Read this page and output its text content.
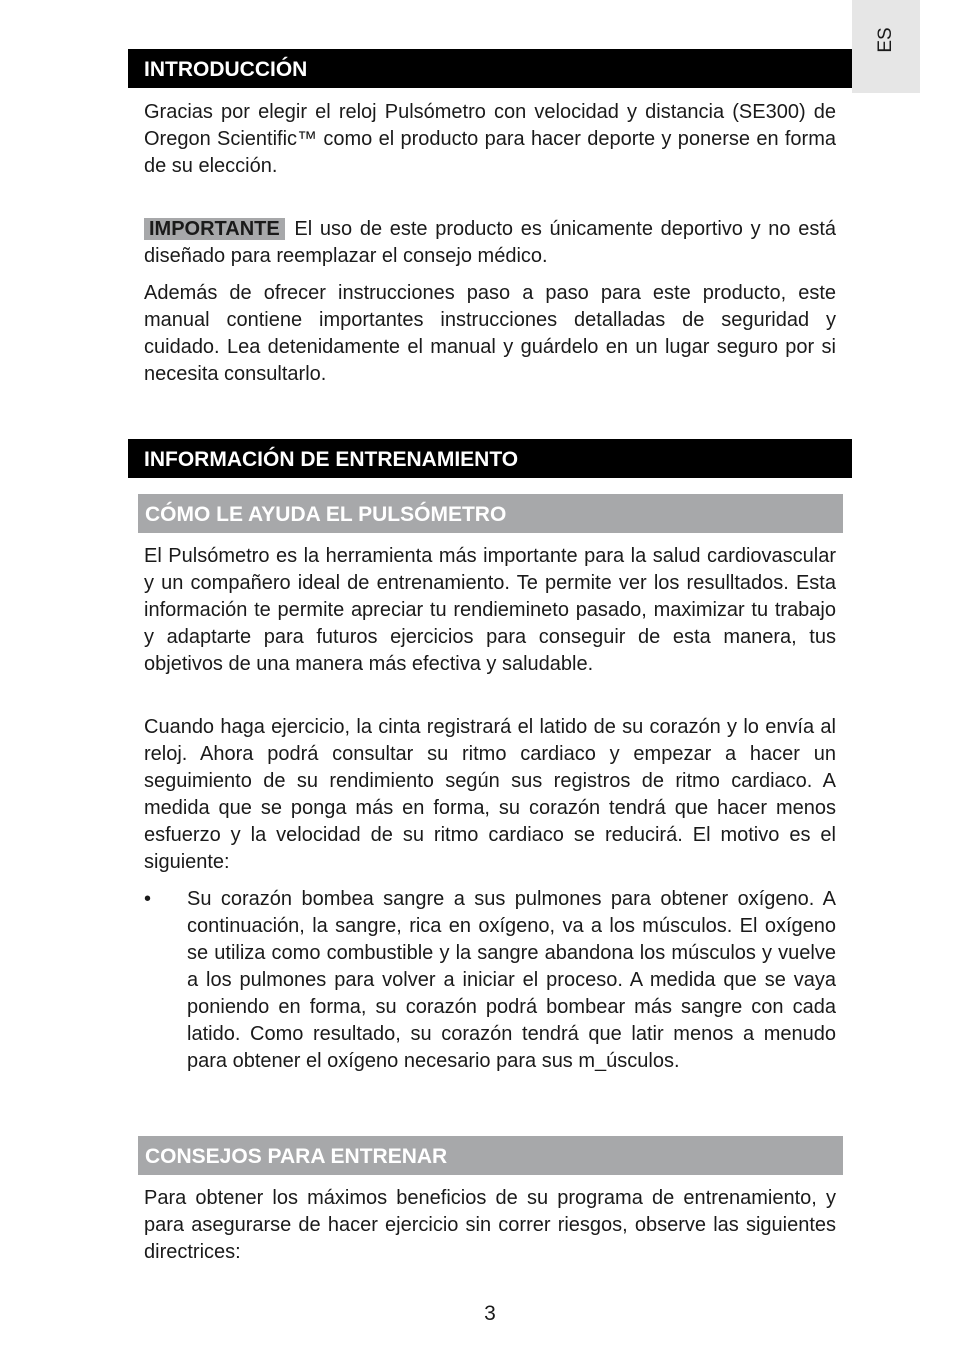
ES
INTRODUCCIÓN

Gracias por elegir el reloj Pulsómetro con velocidad y distancia (SE300) de Oregon Scientific™ como el producto para hacer deporte y ponerse en forma de su elección.

IMPORTANTE El uso de este producto es únicamente deportivo y no está diseñado para reemplazar el consejo médico.

Además de ofrecer instrucciones paso a paso para este producto, este manual contiene importantes instrucciones detalladas de seguridad y cuidado. Lea detenidamente el manual y guárdelo en un lugar seguro por si necesita consultarlo.

INFORMACIÓN DE ENTRENAMIENTO
CÓMO LE AYUDA EL PULSÓMETRO

El Pulsómetro es la herramienta más importante para la salud cardiovascular y un compañero ideal de entrenamiento. Te permite ver los resulltados. Esta información te permite apreciar tu rendiemineto pasado, maximizar tu trabajo y adaptarte para futuros ejercicios para conseguir de esta manera, tus objetivos de una manera más efectiva y saludable.

Cuando haga ejercicio, la cinta registrará el latido de su corazón y lo envía al reloj. Ahora podrá consultar su ritmo cardiaco y empezar a hacer un seguimiento de su rendimiento según sus registros de ritmo cardiaco. A medida que se ponga más en forma, su corazón tendrá que hacer menos esfuerzo y la velocidad de su ritmo cardiaco se reducirá. El motivo es el siguiente:

• Su corazón bombea sangre a sus pulmones para obtener oxígeno. A continuación, la sangre, rica en oxígeno, va a los músculos. El oxígeno se utiliza como combustible y la sangre abandona los músculos y vuelve a los pulmones para volver a iniciar el proceso. A medida que se vaya poniendo en forma, su corazón podrá bombear más sangre con cada latido. Como resultado, su corazón tendrá que latir menos a menudo para obtener el oxígeno necesario para sus m_úsculos.

CONSEJOS PARA ENTRENAR

Para obtener los máximos beneficios de su programa de entrenamiento, y para asegurarse de hacer ejercicio sin correr riesgos, observe las siguientes directrices:

3
